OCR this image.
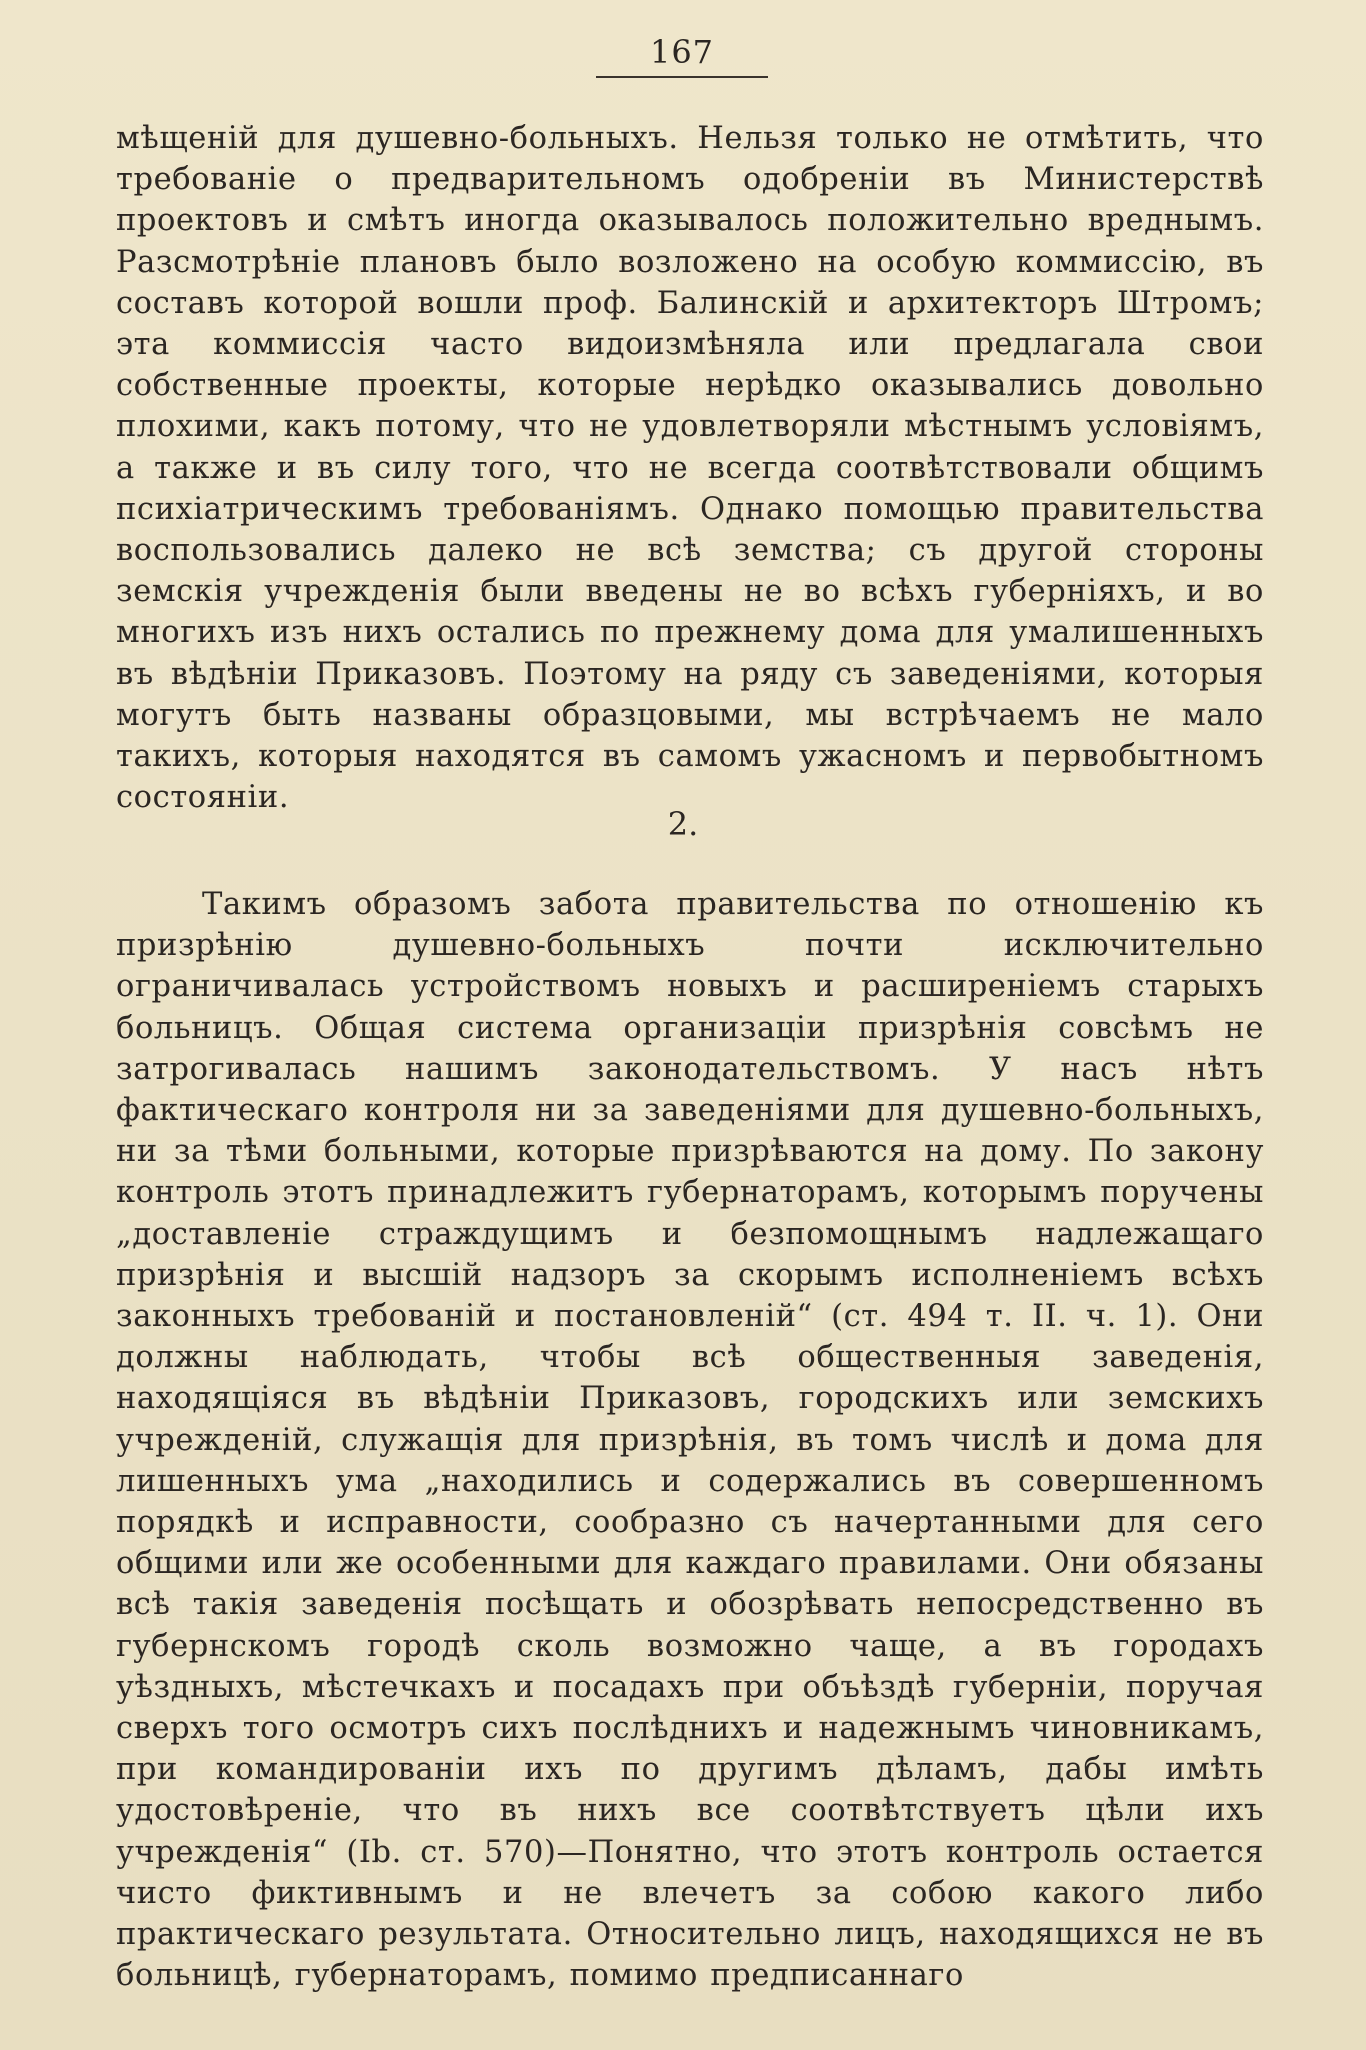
167
мѣщеній для душевно-больныхъ. Нельзя только не отмѣтить, что требованіе о предварительномъ одобреніи въ Министерствѣ проектовъ и смѣтъ иногда оказывалось положительно вреднымъ. Разсмотрѣніе плановъ было возложено на особую коммиссію, въ составъ которой вошли проф. Балинскій и архитекторъ Штромъ; эта коммиссія часто видоизмѣняла или предлагала свои собственные проекты, которые нерѣдко оказывались довольно плохими, какъ потому, что не удовлетворяли мѣстнымъ условіямъ, а также и въ силу того, что не всегда соотвѣтствовали общимъ психіатрическимъ требованіямъ. Однако помощью правительства воспользовались далеко не всѣ земства; съ другой стороны земскія учрежденія были введены не во всѣхъ губерніяхъ, и во многихъ изъ нихъ остались по прежнему дома для умалишенныхъ въ вѣдѣніи Приказовъ. Поэтому на ряду съ заведеніями, которыя могутъ быть названы образцовыми, мы встрѣчаемъ не мало такихъ, которыя находятся въ самомъ ужасномъ и первобытномъ состояніи.
2.
Такимъ образомъ забота правительства по отношенію къ призрѣнію душевно-больныхъ почти исключительно ограничивалась устройствомъ новыхъ и расширеніемъ старыхъ больницъ. Общая система организаціи призрѣнія совсѣмъ не затрогивалась нашимъ законодательствомъ. У насъ нѣтъ фактическаго контроля ни за заведеніями для душевно-больныхъ, ни за тѣми больными, которые призрѣваются на дому. По закону контроль этотъ принадлежитъ губернаторамъ, которымъ поручены „доставленіе страждущимъ и безпомощнымъ надлежащаго призрѣнія и высшій надзоръ за скорымъ исполненіемъ всѣхъ законныхъ требованій и постановленій“ (ст. 494 т. II. ч. 1). Они должны наблюдать, чтобы всѣ общественныя заведенія, находящіяся въ вѣдѣніи Приказовъ, городскихъ или земскихъ учрежденій, служащія для призрѣнія, въ томъ числѣ и дома для лишенныхъ ума „находились и содержались въ совершенномъ порядкѣ и исправности, сообразно съ начертанными для сего общими или же особенными для каждаго правилами. Они обязаны всѣ такія заведенія посѣщать и обозрѣвать непосредственно въ губернскомъ городѣ сколь возможно чаще, а въ городахъ уѣздныхъ, мѣстечкахъ и посадахъ при объѣздѣ губерніи, поручая сверхъ того осмотръ сихъ послѣднихъ и надежнымъ чиновникамъ, при командированіи ихъ по другимъ дѣламъ, дабы имѣть удостовѣреніе, что въ нихъ все соотвѣтствуетъ цѣли ихъ учрежденія“ (Ib. ст. 570)—Понятно, что этотъ контроль остается чисто фиктивнымъ и не влечетъ за собою какого либо практическаго результата. Относительно лицъ, находящихся не въ больницѣ, губернаторамъ, помимо предписаннаго
